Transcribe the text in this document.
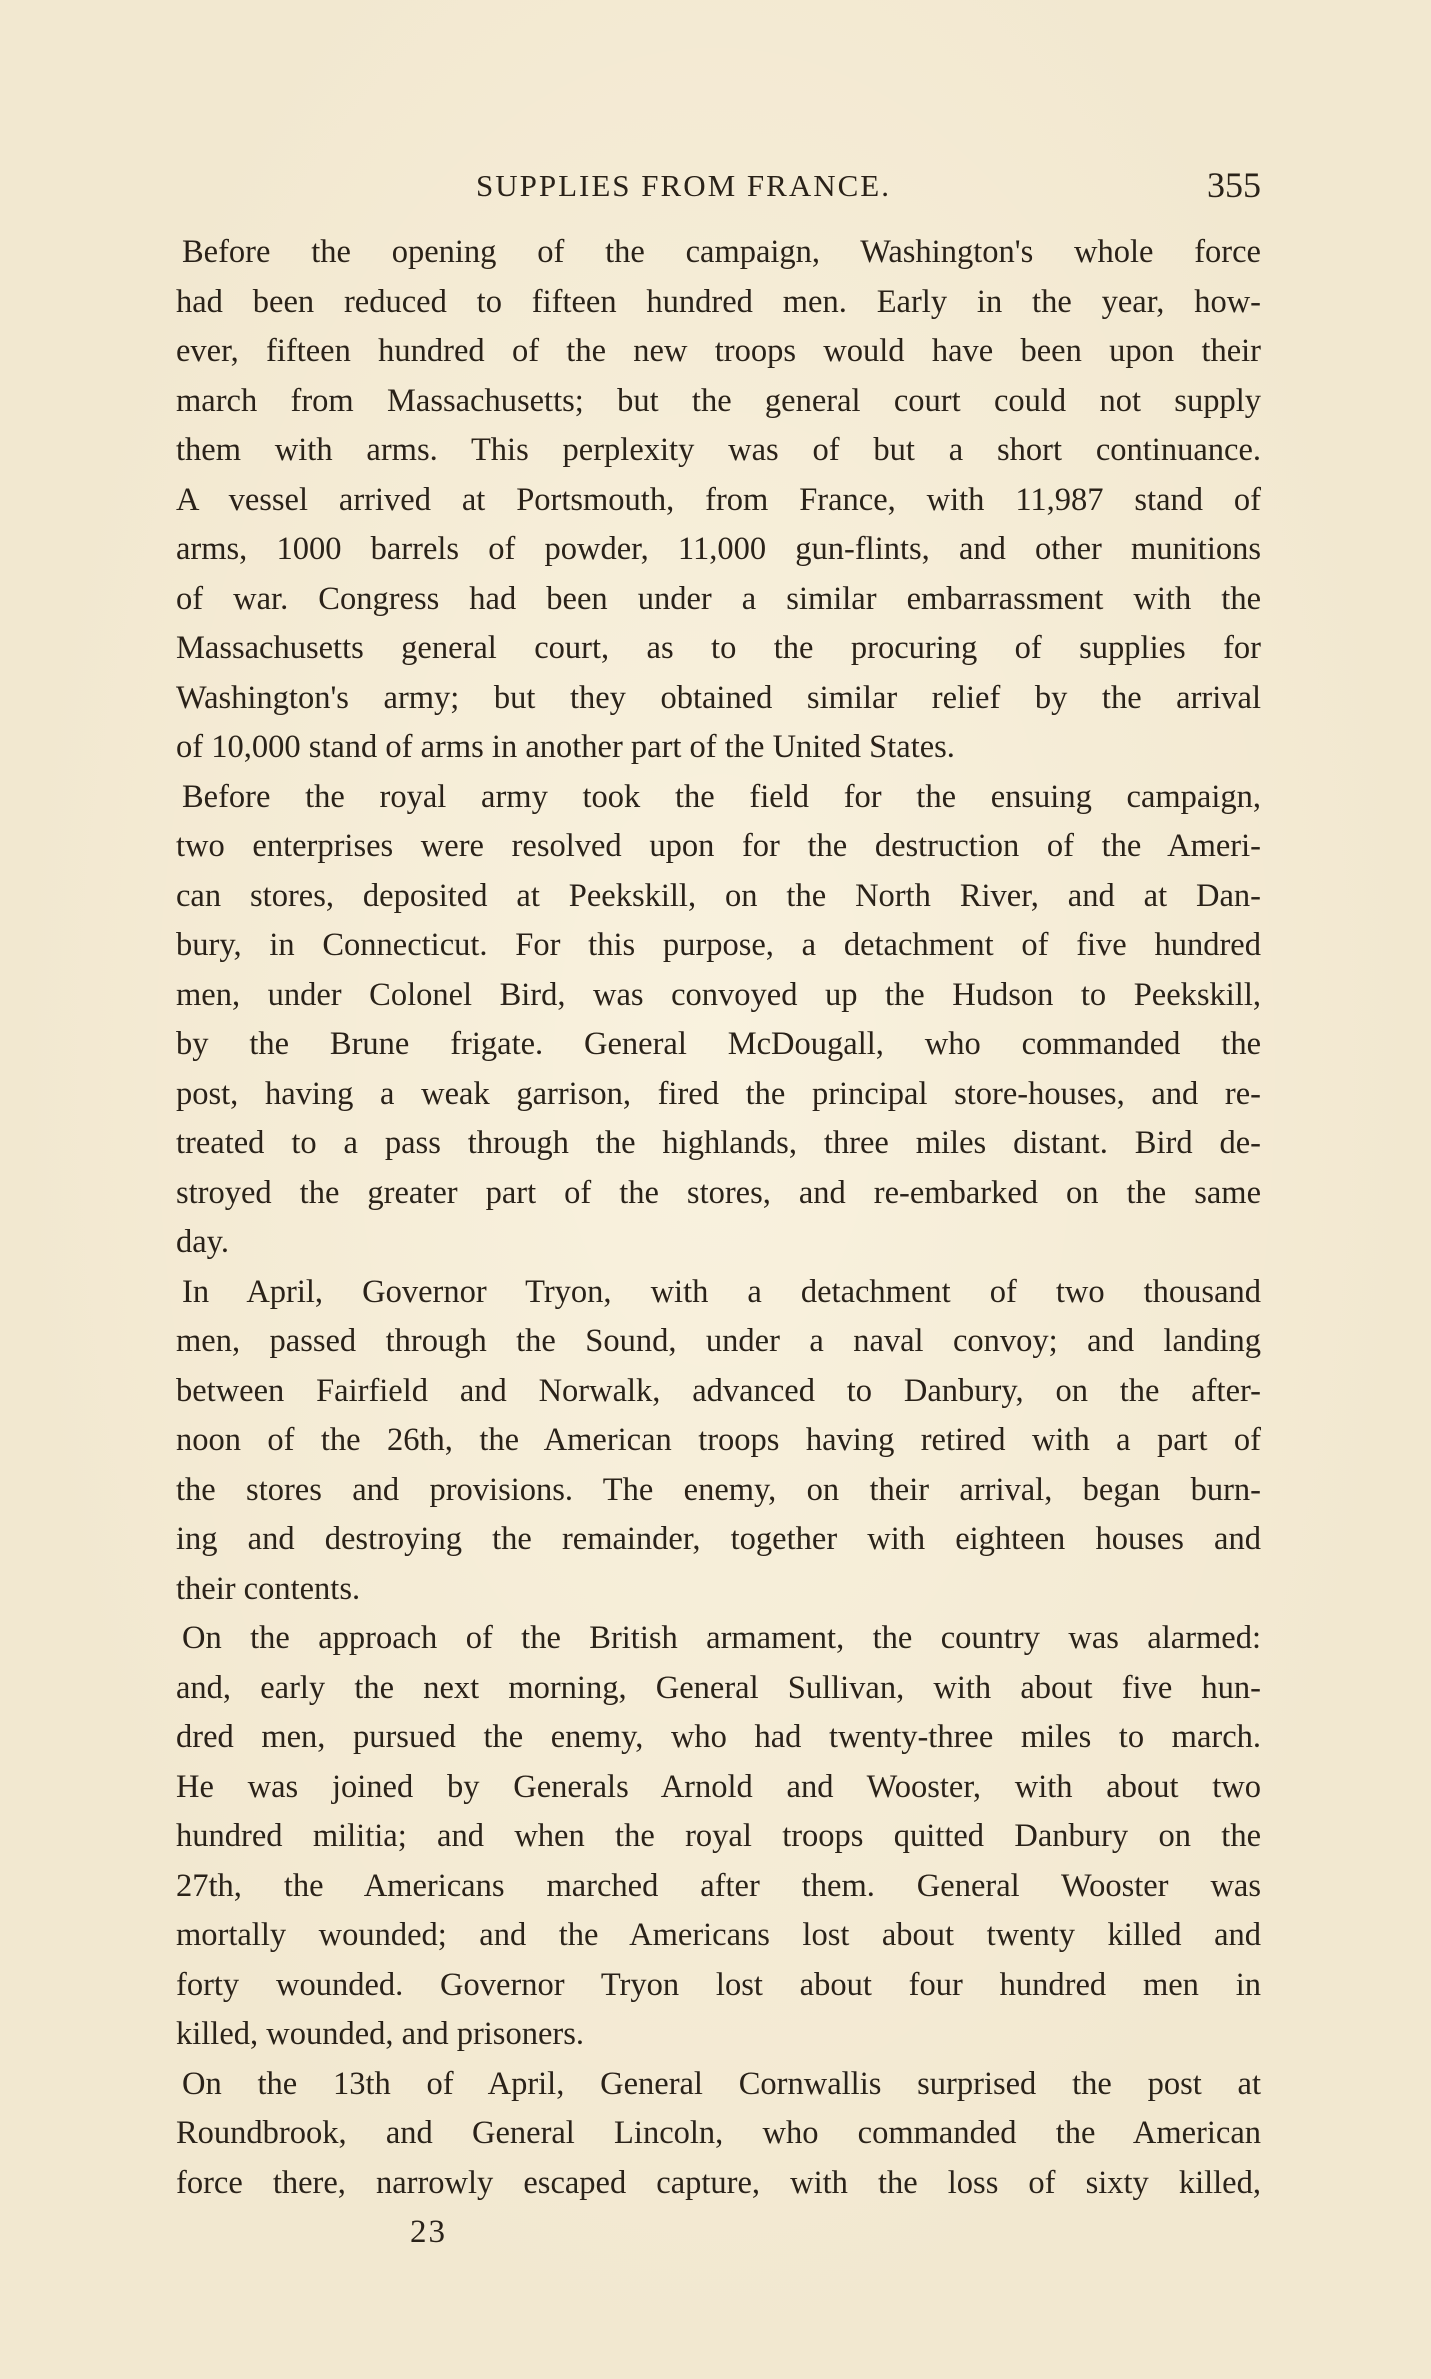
SUPPLIES FROM FRANCE.	355
Before the opening of the campaign, Washington's whole force
had been reduced to fifteen hundred men. Early in the year, how-
ever, fifteen hundred of the new troops would have been upon their
march from Massachusetts; but the general court could not supply
them with arms. This perplexity was of but a short continuance.
A vessel arrived at Portsmouth, from France, with 11,987 stand of
arms, 1000 barrels of powder, 11,000 gun-flints, and other munitions
of war. Congress had been under a similar embarrassment with the
Massachusetts general court, as to the procuring of supplies for
Washington's army; but they obtained similar relief by the arrival
of 10,000 stand of arms in another part of the United States.
Before the royal army took the field for the ensuing campaign,
two enterprises were resolved upon for the destruction of the Ameri-
can stores, deposited at Peekskill, on the North River, and at Dan-
bury, in Connecticut. For this purpose, a detachment of five hundred
men, under Colonel Bird, was convoyed up the Hudson to Peekskill,
by the Brune frigate. General McDougall, who commanded the
post, having a weak garrison, fired the principal store-houses, and re-
treated to a pass through the highlands, three miles distant. Bird de-
stroyed the greater part of the stores, and re-embarked on the same
day.
In April, Governor Tryon, with a detachment of two thousand
men, passed through the Sound, under a naval convoy; and landing
between Fairfield and Norwalk, advanced to Danbury, on the after-
noon of the 26th, the American troops having retired with a part of
the stores and provisions. The enemy, on their arrival, began burn-
ing and destroying the remainder, together with eighteen houses and
their contents.
On the approach of the British armament, the country was alarmed:
and, early the next morning, General Sullivan, with about five hun-
dred men, pursued the enemy, who had twenty-three miles to march.
He was joined by Generals Arnold and Wooster, with about two
hundred militia; and when the royal troops quitted Danbury on the
27th, the Americans marched after them. General Wooster was
mortally wounded; and the Americans lost about twenty killed and
forty wounded. Governor Tryon lost about four hundred men in
killed, wounded, and prisoners.
On the 13th of April, General Cornwallis surprised the post at
Roundbrook, and General Lincoln, who commanded the American
force there, narrowly escaped capture, with the loss of sixty killed,
23
